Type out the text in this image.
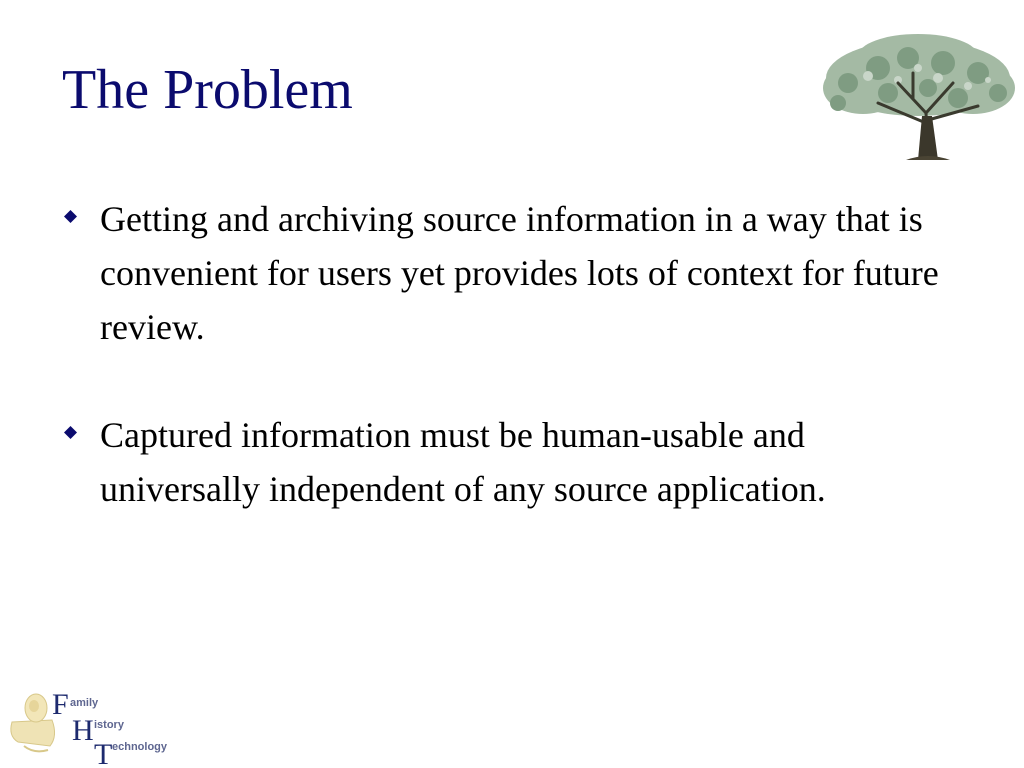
The Problem
Getting and archiving source information in a way that is convenient for users yet provides lots of context for future review.
Captured information must be human-usable and universally independent of any source application.
F amily
H istory
T echnology
